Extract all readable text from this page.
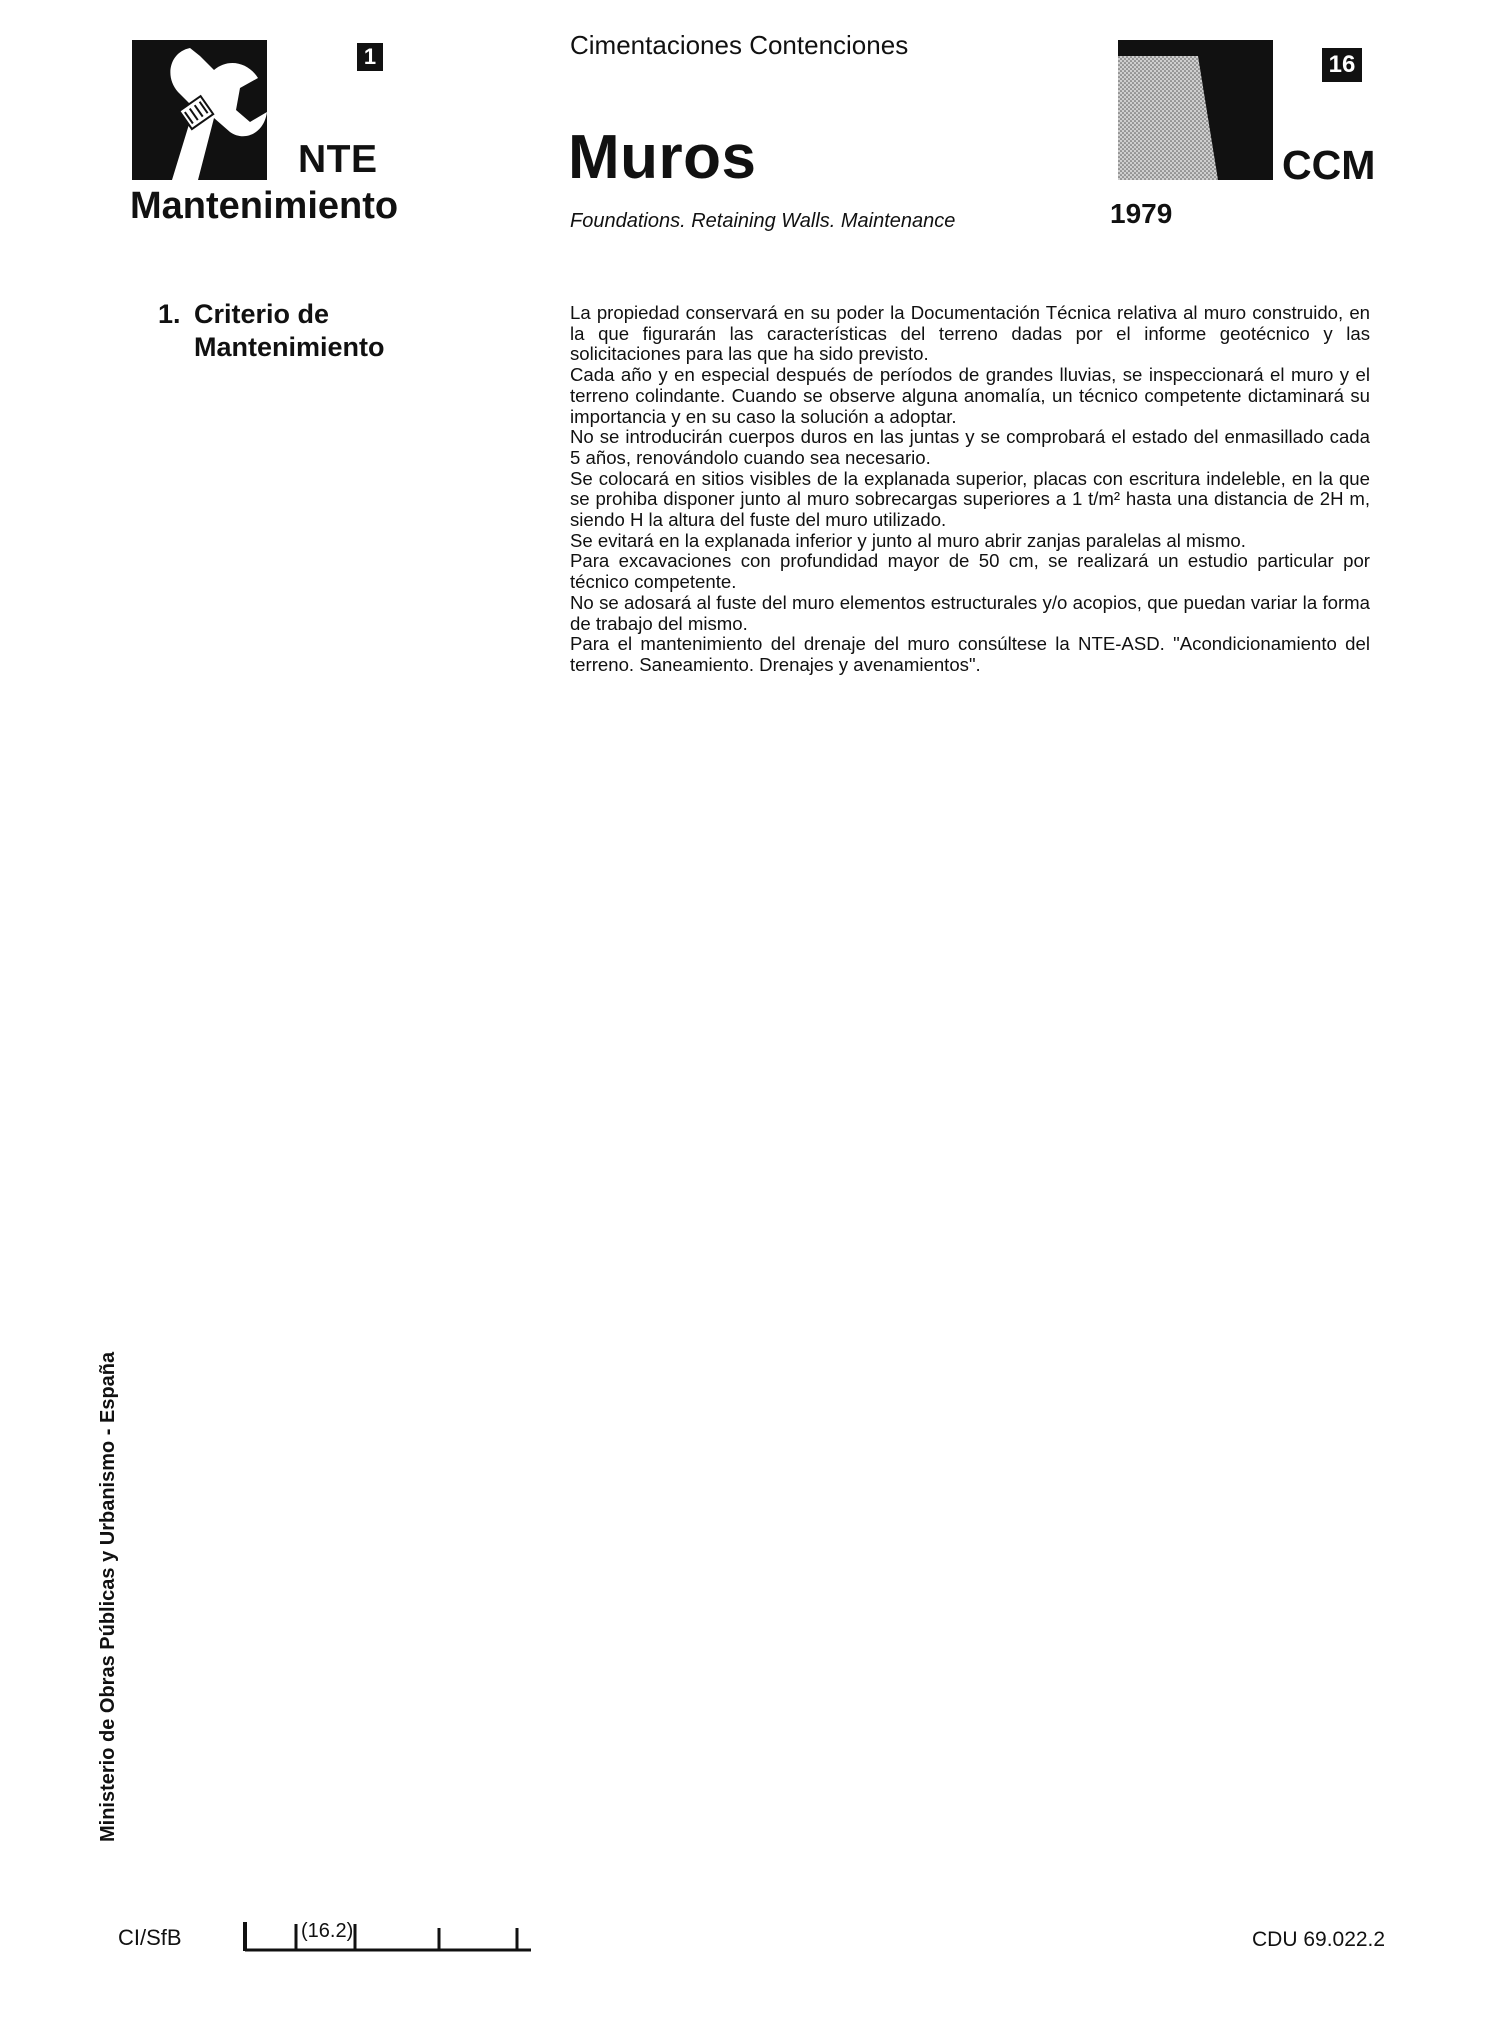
1
NTE
Mantenimiento
Cimentaciones Contenciones
Muros
Foundations. Retaining Walls. Maintenance	1979
16
CCM
1. Criterio de
Mantenimiento

La propiedad conservará en su poder la Documentación Técnica relativa al muro construido, en la que figurarán las características del terreno dadas por el informe geotécnico y las solicitaciones para las que ha sido previsto.

Cada año y en especial después de períodos de grandes lluvias, se inspeccionará el muro y el terreno colindante. Cuando se observe alguna anomalía, un técnico competente dictaminará su importancia y en su caso la solución a adoptar.

No se introducirán cuerpos duros en las juntas y se comprobará el estado del enmasillado cada 5 años, renovándolo cuando sea necesario.

Se colocará en sitios visibles de la explanada superior, placas con escritura indeleble, en la que se prohiba disponer junto al muro sobrecargas superiores a 1 t/m² hasta una distancia de 2H m, siendo H la altura del fuste del muro utilizado.

Se evitará en la explanada inferior y junto al muro abrir zanjas paralelas al mismo.

Para excavaciones con profundidad mayor de 50 cm, se realizará un estudio particular por técnico competente.

No se adosará al fuste del muro elementos estructurales y/o acopios, que puedan variar la forma de trabajo del mismo.

Para el mantenimiento del drenaje del muro consúltese la NTE-ASD. "Acondicionamiento del terreno. Saneamiento. Drenajes y avenamientos".

Ministerio de Obras Públicas y Urbanismo - España
CI/SfB	(16.2)	CDU 69.022.2
